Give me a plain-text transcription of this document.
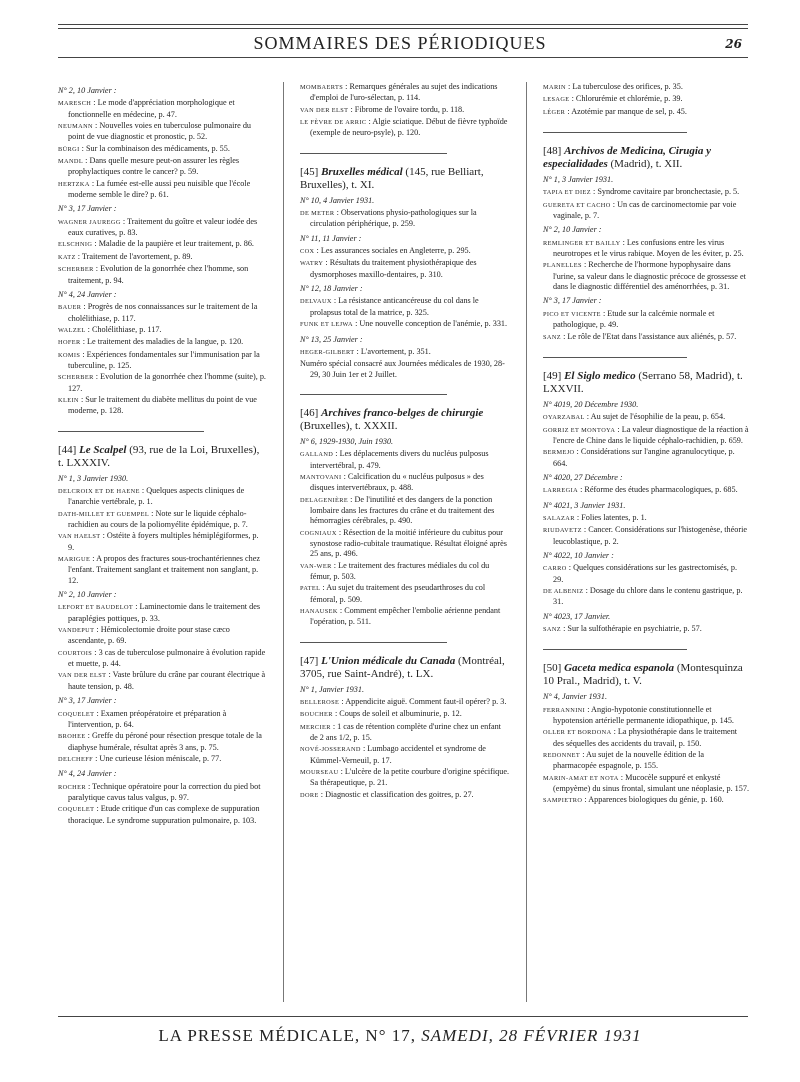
SOMMAIRES DES PÉRIODIQUES	26
N° 2, 10 Janvier :
MARESCH : Le mode d'appréciation morphologique et fonctionnelle en médecine, p. 47.
NEUMANN : Nouvelles voies en tuberculose pulmonaire du point de vue diagnostic et pronostic, p. 52.
BÜRGI : Sur la combinaison des médicaments, p. 55.
MANDL : Dans quelle mesure peut-on assurer les règles prophylactiques contre le cancer? p. 59.
HERTZKA : La fumée est-elle aussi peu nuisible que l'école moderne semble le dire? p. 61.
N° 3, 17 Janvier :
WAGNER JAUREGG : Traitement du goître et valeur iodée des eaux curatives, p. 83.
ELSCHNIG : Maladie de la paupière et leur traitement, p. 86.
KATZ : Traitement de l'avortement, p. 89.
SCHERBER : Evolution de la gonorrhée chez l'homme, son traitement, p. 94.
N° 4, 24 Janvier :
BAUER : Progrès de nos connaissances sur le traitement de la cholélithiase, p. 117.
WALZEL : Cholélithiase, p. 117.
HOFER : Le traitement des maladies de la langue, p. 120.
KOMIS : Expériences fondamentales sur l'immunisation par la tuberculine, p. 125.
SCHERBER : Evolution de la gonorrhée chez l'homme (suite), p. 127.
KLEIN : Sur le traitement du diabète mellitus du point de vue moderne, p. 128.
[44] Le Scalpel (93, rue de la Loi, Bruxelles), t. LXXXIV.
N° 1, 3 Janvier 1930.
DELCROIX ET DE HAENE : Quelques aspects cliniques de l'anarchie vertébrale, p. 1.
DATH-MILLET ET GUEMPEL : Note sur le liquide céphalo-rachidien au cours de la poliomyélite épidémique, p. 7.
VAN HAELST : Ostéite à foyers multiples hémiplégiformes, p. 9.
MARIGUE : A propos des fractures sous-trochantériennes chez l'enfant. Traitement sanglant et traitement non sanglant, p. 12.
N° 2, 10 Janvier :
LEFORT ET BAUDELOT : Laminectomie dans le traitement des paraplégies pottiques, p. 33.
VANDEPUT : Hémicolectomie droite pour stase cæco ascendante, p. 69.
COURTOIS : 3 cas de tuberculose pulmonaire à évolution rapide et muette, p. 44.
VAN DER ELST : Vaste brûlure du crâne par courant électrique à haute tension, p. 48.
N° 3, 17 Janvier :
COQUELET : Examen préopératoire et préparation à l'intervention, p. 64.
BROHEE : Greffe du péroné pour résection presque totale de la diaphyse humérale, résultat après 3 ans, p. 75.
DELCHEFF : Une curieuse lésion méniscale, p. 77.
N° 4, 24 Janvier :
ROCHER : Technique opératoire pour la correction du pied bot paralytique cavus talus valgus, p. 97.
COQUELET : Etude critique d'un cas complexe de suppuration thoracique. Le syndrome suppuration pulmonaire, p. 103.
MOMBAERTS : Remarques générales au sujet des indications d'emploi de l'uro-sélectan, p. 114.
VAN DER ELST : Fibrome de l'ovaire tordu, p. 118.
LE FÈVRE DE ARRIC : Algie sciatique. Début de fièvre typhoïde (exemple de neuro-psyle), p. 120.
[45] Bruxelles médical (145, rue Belliart, Bruxelles), t. XI.
N° 10, 4 Janvier 1931.
DE METER : Observations physio-pathologiques sur la circulation périphérique, p. 259.
N° 11, 11 Janvier :
COX : Les assurances sociales en Angleterre, p. 295.
WATRY : Résultats du traitement physiothérapique des dysmorphoses maxillo-dentaires, p. 310.
N° 12, 18 Janvier :
DELVAUX : La résistance anticancéreuse du col dans le prolapsus total de la matrice, p. 325.
FUNK ET LEJWA : Une nouvelle conception de l'anémie, p. 331.
N° 13, 25 Janvier :
HEGER-GILBERT : L'avortement, p. 351.
Numéro spécial consacré aux Journées médicales de 1930, 28-29, 30 Juin 1er et 2 Juillet.
[46] Archives franco-belges de chirurgie (Bruxelles), t. XXXII.
N° 6, 1929-1930, Juin 1930.
GALLAND : Les déplacements divers du nucléus pulposus intervertébral, p. 479.
MANTOVANI : Calcification du « nucléus pulposus » des disques intervertébraux, p. 488.
DELAGENIÈRE : De l'inutilité et des dangers de la ponction lombaire dans les fractures du crâne et du traitement des hémorragies cérébrales, p. 490.
COGNIAUX : Résection de la moitié inférieure du cubitus pour synostose radio-cubitale traumatique. Résultat éloigné après 25 ans, p. 496.
VAN-WER : Le traitement des fractures médiales du col du fémur, p. 503.
PATEL : Au sujet du traitement des pseudarthroses du col fémoral, p. 509.
HANAUSEK : Comment empêcher l'embolie aérienne pendant l'opération, p. 511.
[47] L'Union médicale du Canada (Montréal, 3705, rue Saint-André), t. LX.
N° 1, Janvier 1931.
BELLEROSE : Appendicite aiguë. Comment faut-il opérer? p. 3.
BOUCHER : Coups de soleil et albuminurie, p. 12.
MERCIER : 1 cas de rétention complète d'urine chez un enfant de 2 ans 1/2, p. 15.
NOVÉ-JOSSERAND : Lumbago accidentel et syndrome de Kümmel-Verneuil, p. 17.
MOURSEAU : L'ulcère de la petite courbure d'origine spécifique. Sa thérapeutique, p. 21.
DORE : Diagnostic et classification des goitres, p. 27.
MARIN : La tuberculose des orifices, p. 35.
LESAGE : Chlorurémie et chlorémie, p. 39.
LÉGER : Azotémie par manque de sel, p. 45.
[48] Archivos de Medicina, Cirugia y especialidades (Madrid), t. XII.
N° 1, 3 Janvier 1931.
TAPIA ET DIEZ : Syndrome cavitaire par bronchectasie, p. 5.
GUERETA ET CACHO : Un cas de carcinomectomie par voie vaginale, p. 7.
N° 2, 10 Janvier :
REMLINGER ET BAILLY : Les confusions entre les virus neurotropes et le virus rabique. Moyen de les éviter, p. 25.
PLANELLES : Recherche de l'hormone hypophysaire dans l'urine, sa valeur dans le diagnostic précoce de grossesse et dans le diagnostic différentiel des aménorrhées, p. 31.
N° 3, 17 Janvier :
PICO ET VICENTE : Etude sur la calcémie normale et pathologique, p. 49.
SANZ : Le rôle de l'Etat dans l'assistance aux aliénés, p. 57.
[49] El Siglo medico (Serrano 58, Madrid), t. LXXVII.
N° 4019, 20 Décembre 1930.
OYARZABAL : Au sujet de l'ésophilie de la peau, p. 654.
GORRIZ ET MONTOYA : La valeur diagnostique de la réaction à l'encre de Chine dans le liquide céphalo-rachidien, p. 659.
BERMEJO : Considérations sur l'angine agranulocytique, p. 664.
N° 4020, 27 Décembre :
LARREGIA : Réforme des études pharmacologiques, p. 685.
N° 4021, 3 Janvier 1931.
SALAZAR : Folies latentes, p. 1.
RIUDAVETZ : Cancer. Considérations sur l'histogenèse, théorie leucoblastique, p. 2.
N° 4022, 10 Janvier :
CARRO : Quelques considérations sur les gastrectomisés, p. 29.
DE ALBENIZ : Dosage du chlore dans le contenu gastrique, p. 31.
N° 4023, 17 Janvier.
SANZ : Sur la sulfothérapie en psychiatrie, p. 57.
[50] Gaceta medica espanola (Montesquinza 10 Pral., Madrid), t. V.
N° 4, Janvier 1931.
FERRANNINI : Angio-hypotonie constitutionnelle et hypotension artérielle permanente idiopathique, p. 145.
OLLER ET BORDONA : La physiothérapie dans le traitement des séquelles des accidents du travail, p. 150.
REDONNET : Au sujet de la nouvelle édition de la pharmacopée espagnole, p. 155.
MARIN-AMAT ET NOTA : Mucocèle suppuré et enkysté (empyème) du sinus frontal, simulant une néoplasie, p. 157.
SAMPIETRO : Apparences biologiques du génie, p. 160.
LA PRESSE MÉDICALE, N° 17, SAMEDI, 28 FÉVRIER 1931
